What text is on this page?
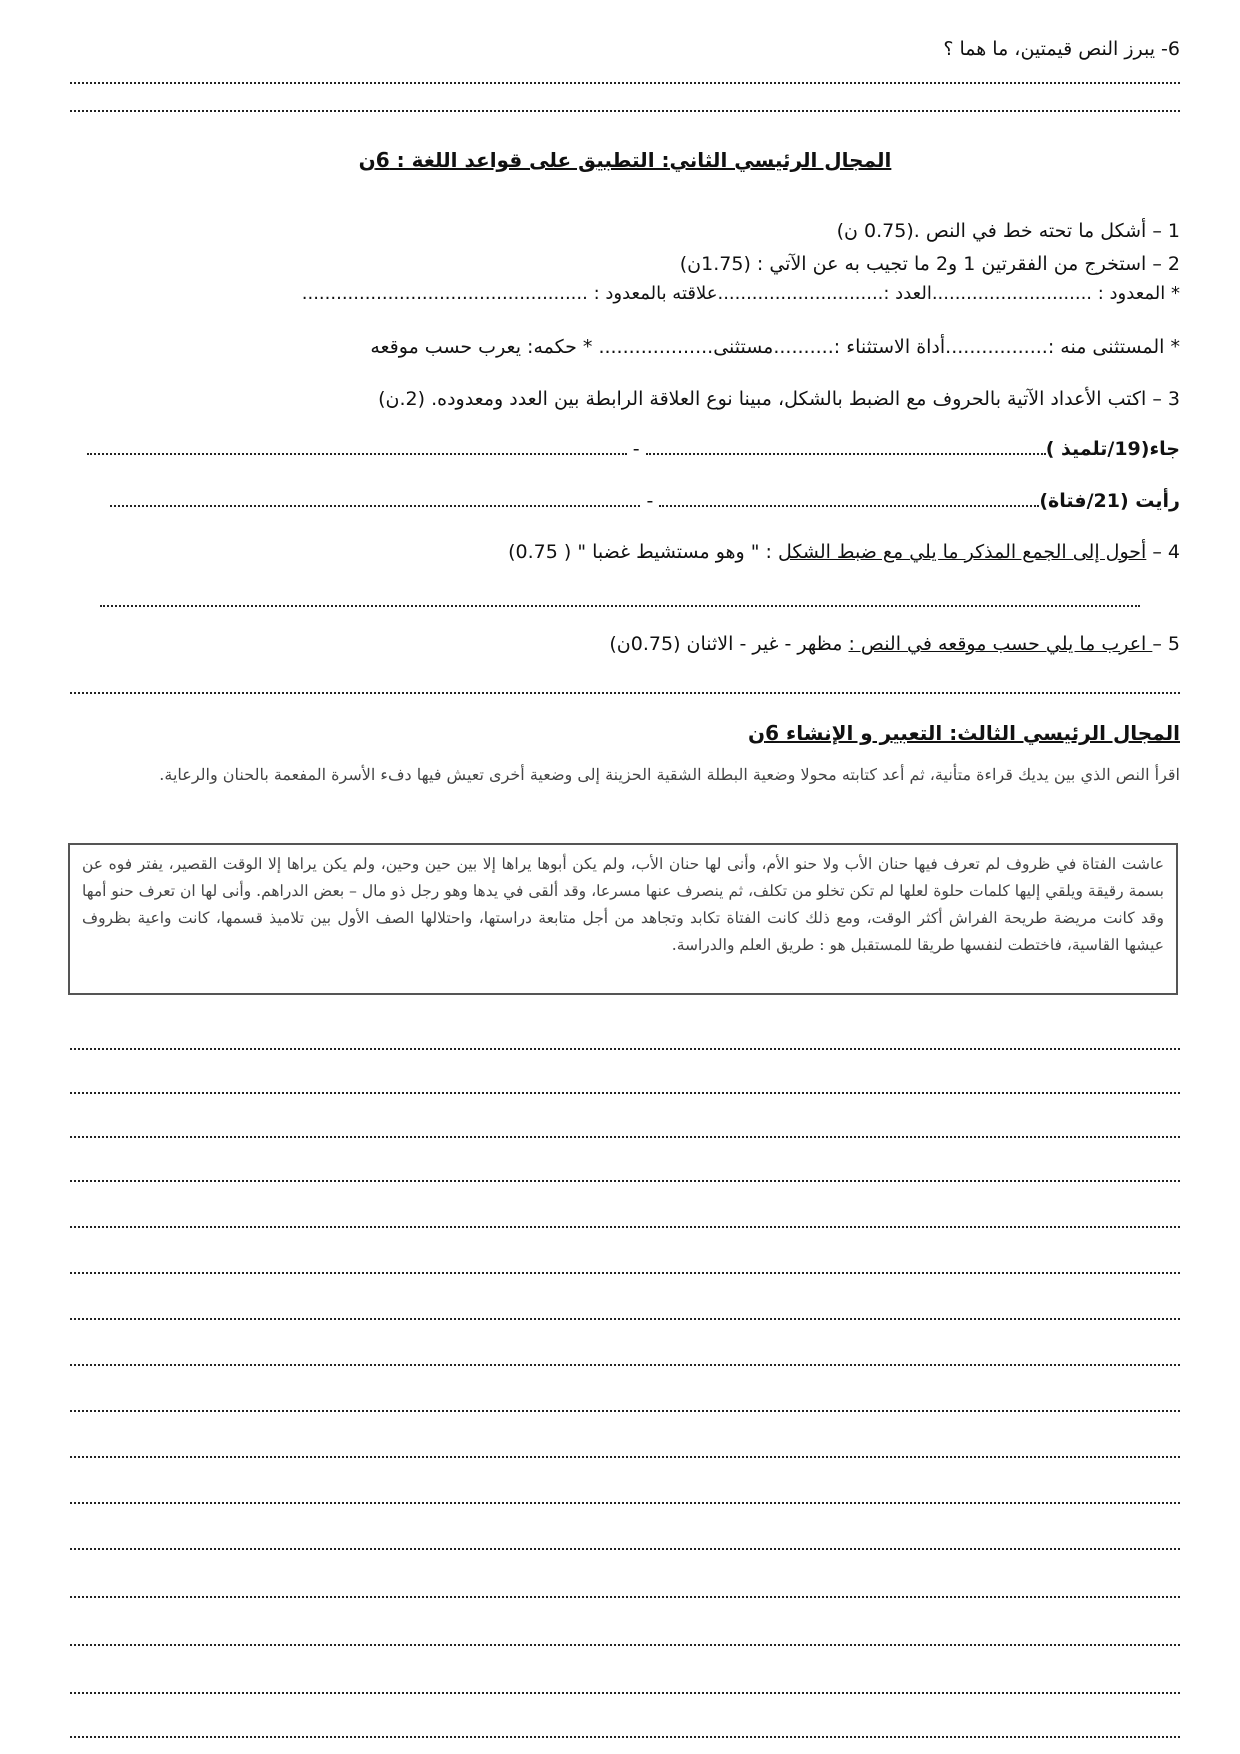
6- يبرز النص قيمتين، ما هما ؟
المجال الرئيسي الثاني: التطبيق على قواعد اللغة : 6ن
1 – أشكل ما تحته خط في النص .(0.75 ن)
2 – استخرج من الفقرتين 1 و2 ما تجيب به عن الآتي : (1.75ن)
* المعدود : ............................العدد :.............................علاقته بالمعدود : ..................................................
* المستثنى منه :.................أداة الاستثناء :..........مستثنى................... * حكمه: يعرب حسب موقعه
3 – اكتب الأعداد الآتية بالحروف مع الضبط بالشكل، مبينا نوع العلاقة الرابطة بين العدد ومعدوده. (2.ن)
جاء(19/تلميذ ) -
رأيت (21/فتاة) -
4 – أحول إلى الجمع المذكر ما يلي مع ضبط الشكل : " وهو مستشيط غضبا " ( 0.75)
5 – اعرب ما يلي حسب موقعه في النص : مظهر - غير - الاثنان (0.75ن)
المجال الرئيسي الثالث: التعبير و الإنشاء 6ن
اقرأ النص الذي بين يديك قراءة متأنية، ثم أعد كتابته محولا وضعية البطلة الشقية الحزينة إلى وضعية أخرى تعيش فيها دفء الأسرة المفعمة بالحنان والرعاية.
عاشت الفتاة في ظروف لم تعرف فيها حنان الأب ولا حنو الأم، وأنى لها حنان الأب، ولم يكن أبوها يراها إلا بين حين وحين، ولم يكن يراها إلا الوقت القصير، يفتر فوه عن بسمة رقيقة ويلقي إليها كلمات حلوة لعلها لم تكن تخلو من تكلف، ثم ينصرف عنها مسرعا، وقد ألقى في يدها وهو رجل ذو مال – بعض الدراهم. وأنى لها ان تعرف حنو أمها وقد كانت مريضة طريحة الفراش أكثر الوقت، ومع ذلك كانت الفتاة تكابد وتجاهد من أجل متابعة دراستها، واحتلالها الصف الأول بين تلاميذ قسمها، كانت واعية بظروف عيشها القاسية، فاختطت لنفسها طريقا للمستقبل هو : طريق العلم والدراسة.
